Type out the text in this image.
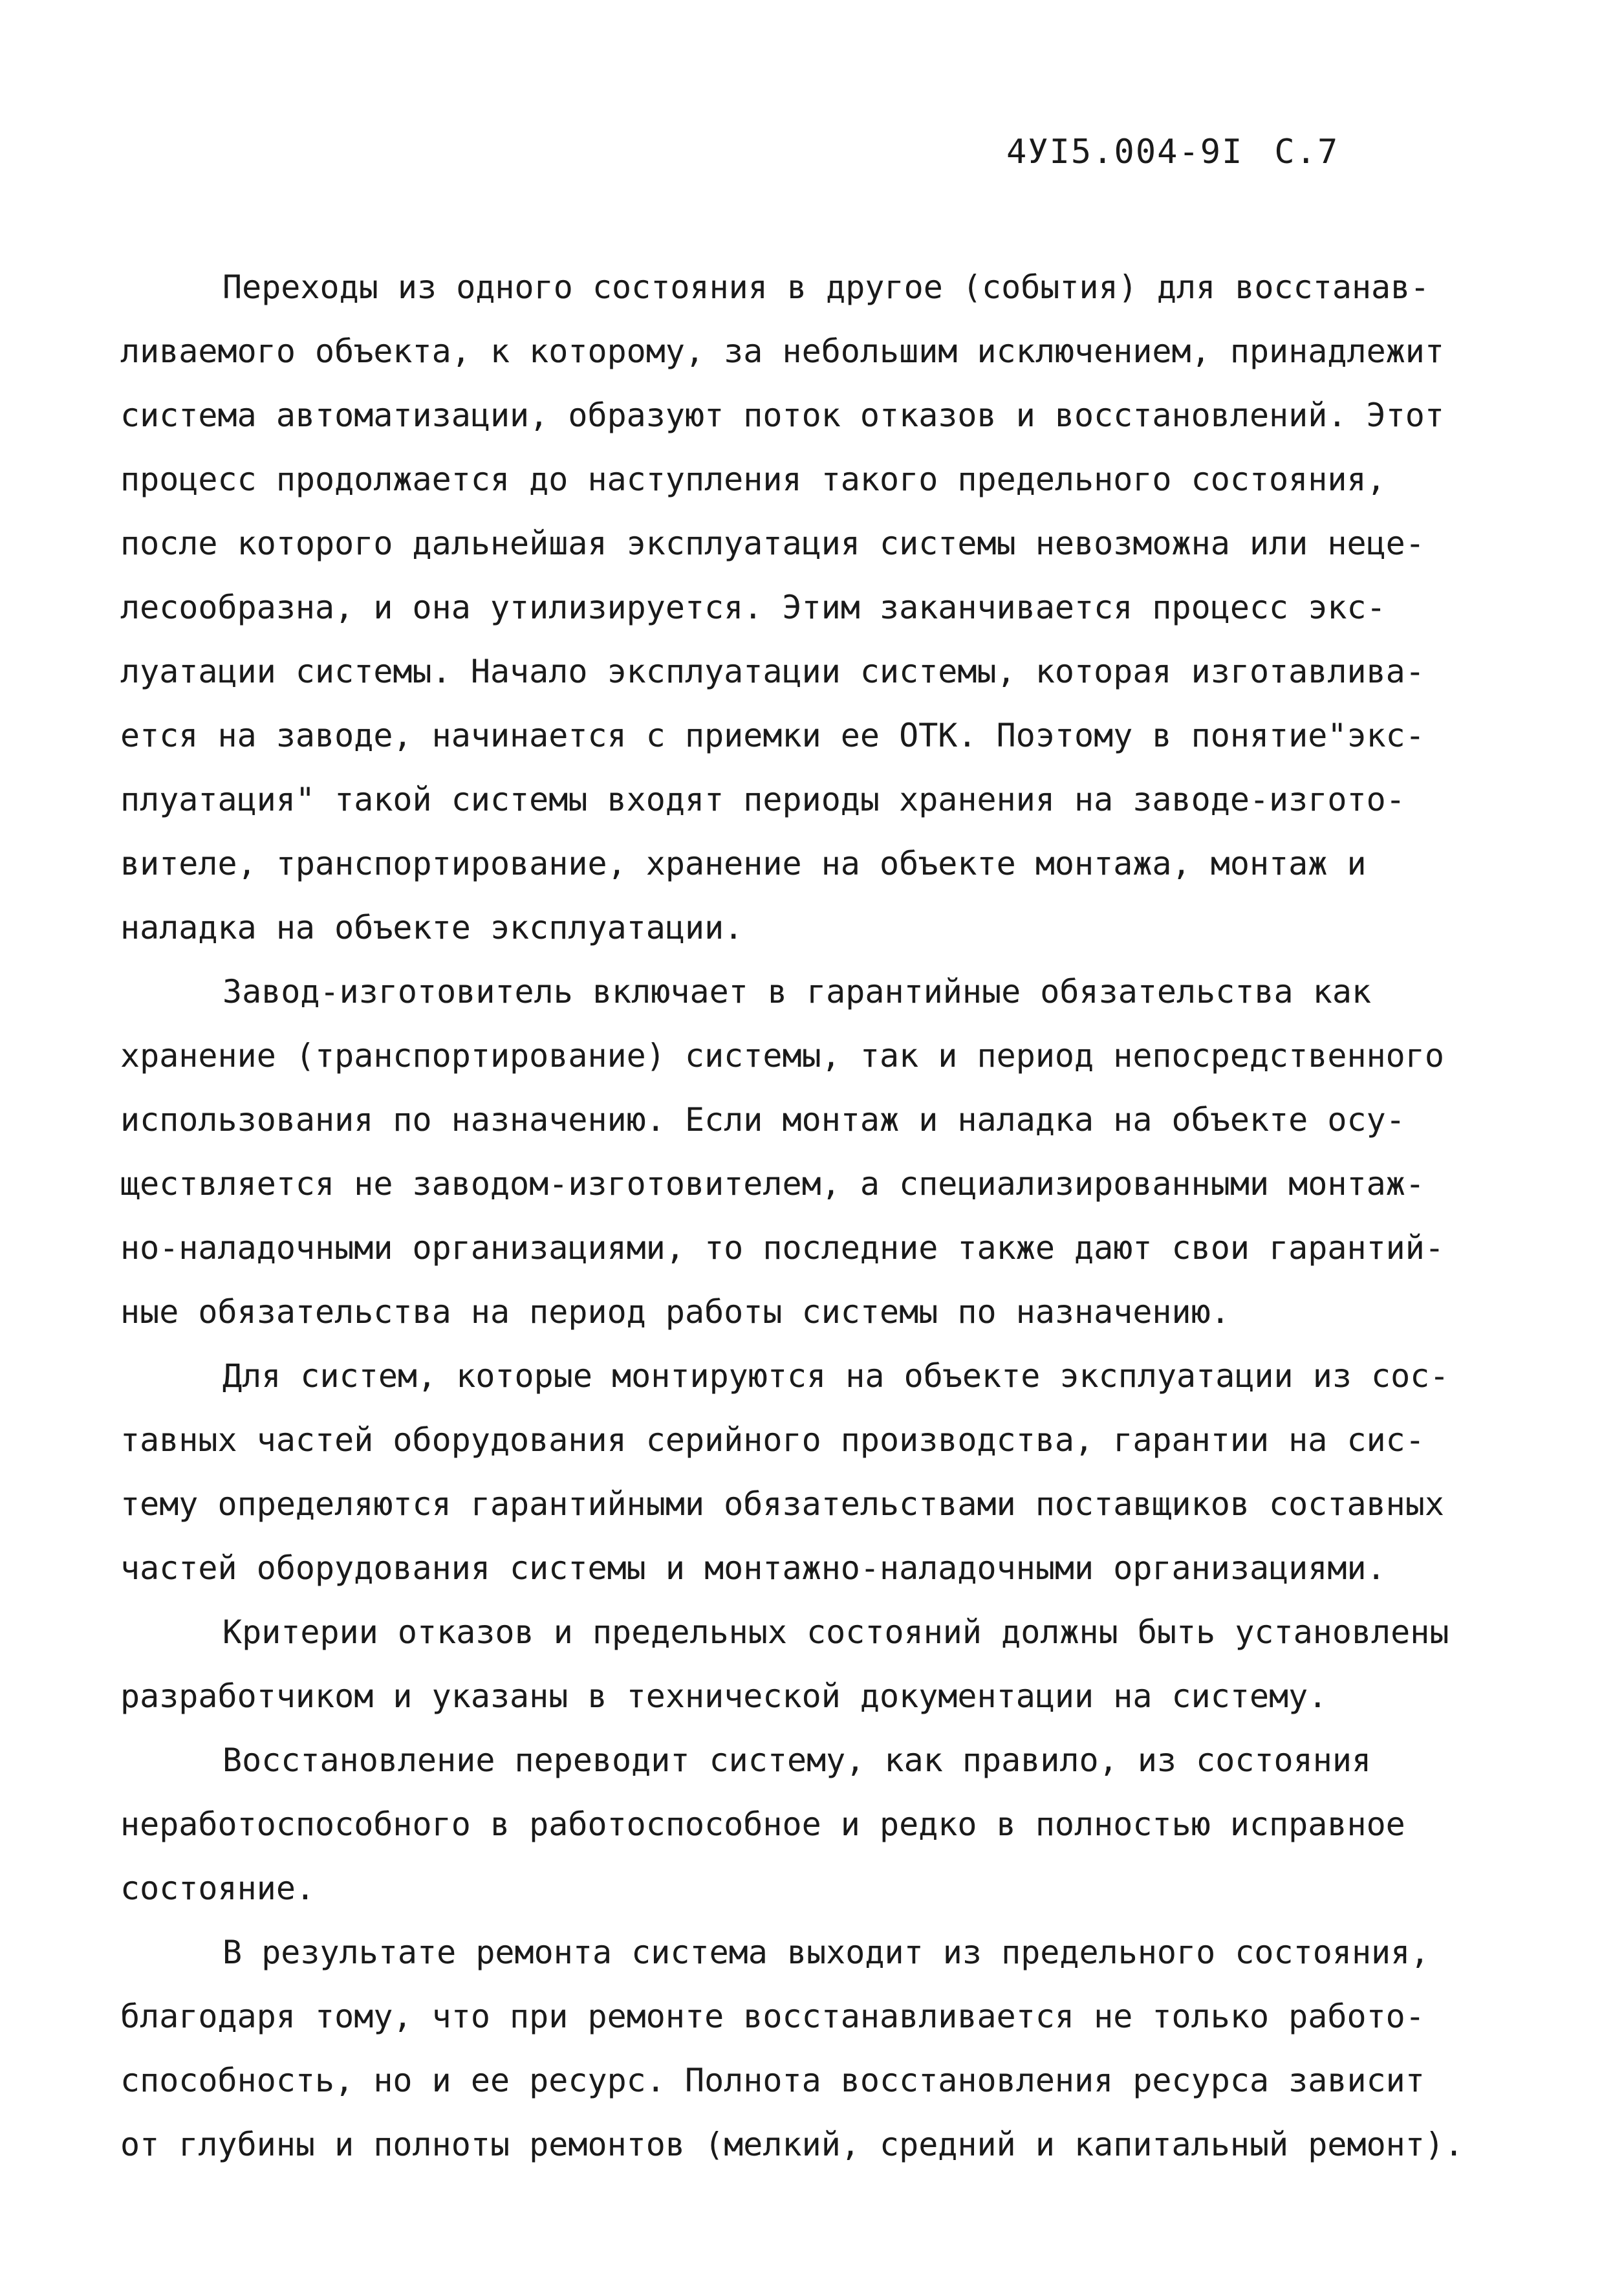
4УI5.004-9I С.7
Переходы из одного состояния в другое (события) для восстанав-
ливаемого объекта, к которому, за небольшим исключением, принадлежит
система автоматизации, образуют поток отказов и восстановлений. Этот
процесс продолжается до наступления такого предельного состояния,
после которого дальнейшая эксплуатация системы невозможна или неце-
лесообразна, и она утилизируется. Этим заканчивается процесс экс-
луатации системы. Начало эксплуатации системы, которая изготавлива-
ется на заводе, начинается с приемки ее ОТК. Поэтому в понятие"экс-
плуатация" такой системы входят периоды хранения на заводе-изгото-
вителе, транспортирование, хранение на объекте монтажа, монтаж и
наладка на объекте эксплуатации.
Завод-изготовитель включает в гарантийные обязательства как
хранение (транспортирование) системы, так и период непосредственного
использования по назначению. Если монтаж и наладка на объекте осу-
ществляется не заводом-изготовителем, а специализированными монтаж-
но-наладочными организациями, то последние также дают свои гарантий-
ные обязательства на период работы системы по назначению.
Для систем, которые монтируются на объекте эксплуатации из сос-
тавных частей оборудования серийного производства, гарантии на сис-
тему определяются гарантийными обязательствами поставщиков составных
частей оборудования системы и монтажно-наладочными организациями.
Критерии отказов и предельных состояний должны быть установлены
разработчиком и указаны в технической документации на систему.
Восстановление переводит систему, как правило, из состояния
неработоспособного в работоспособное и редко в полностью исправное
состояние.
В результате ремонта система выходит из предельного состояния,
благодаря тому, что при ремонте восстанавливается не только работо-
способность, но и ее ресурс. Полнота восстановления ресурса зависит
от глубины и полноты ремонтов (мелкий, средний и капитальный ремонт).
